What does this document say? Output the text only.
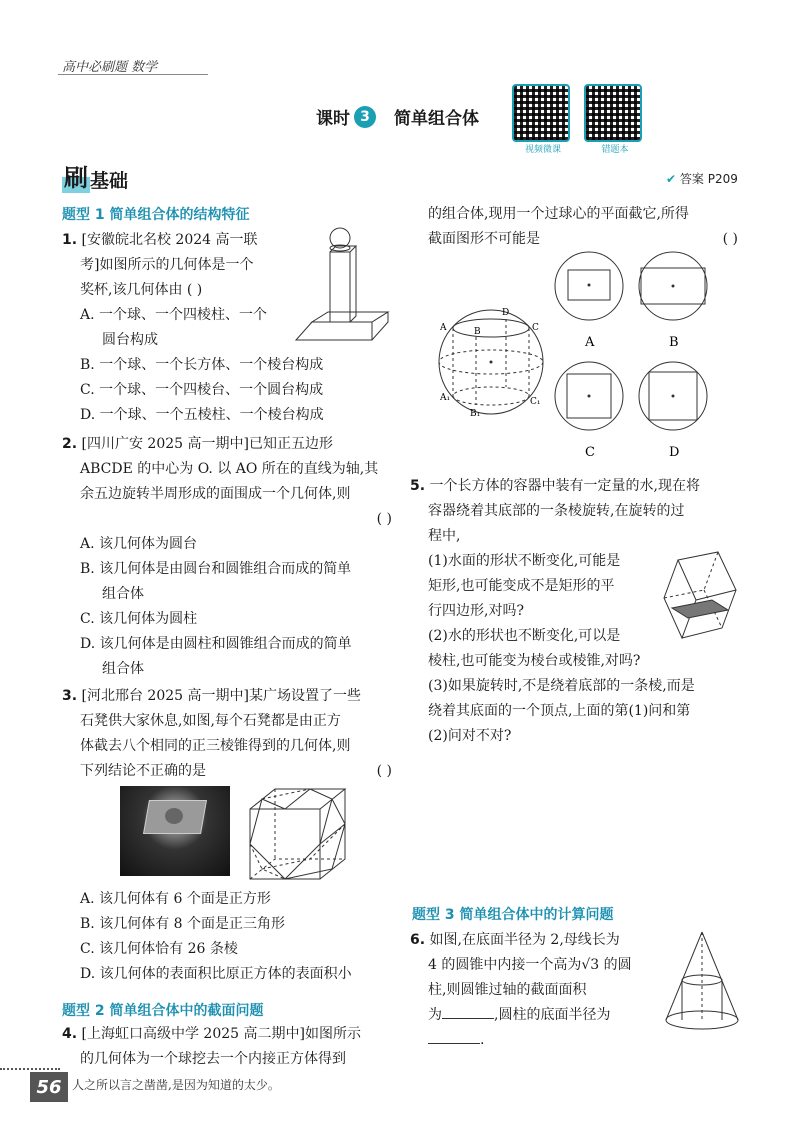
高中必刷题 数学
课时 3	简单组合体
视频微课	错题本
刷 基础	✔ 答案 P209
题型 1 简单组合体的结构特征
1. [安徽皖北名校 2024 高一联
考]如图所示的几何体是一个
奖杯,该几何体由 ( )
A. 一个球、一个四棱柱、一个
圆台构成
B. 一个球、一个长方体、一个棱台构成
C. 一个球、一个四棱台、一个圆台构成
D. 一个球、一个五棱柱、一个棱台构成
2. [四川广安 2025 高一期中]已知正五边形
ABCDE 的中心为 O. 以 AO 所在的直线为轴,其
余五边旋转半周形成的面围成一个几何体,则
( )
A. 该几何体为圆台
B. 该几何体是由圆台和圆锥组合而成的简单
组合体
C. 该几何体为圆柱
D. 该几何体是由圆柱和圆锥组合而成的简单
组合体
3. [河北邢台 2025 高一期中]某广场设置了一些
石凳供大家休息,如图,每个石凳都是由正方
体截去八个相同的正三棱锥得到的几何体,则
下列结论不正确的是	( )
A. 该几何体有 6 个面是正方形
B. 该几何体有 8 个面是正三角形
C. 该几何体恰有 26 条棱
D. 该几何体的表面积比原正方体的表面积小
题型 2 简单组合体中的截面问题
4. [上海虹口高级中学 2025 高二期中]如图所示
的几何体为一个球挖去一个内接正方体得到
的组合体,现用一个过球心的平面截它,所得
截面图形不可能是	( )
A	B	C
D
A₁
B₁
C₁
A	B
C	D
5. 一个长方体的容器中装有一定量的水,现在将
容器绕着其底部的一条棱旋转,在旋转的过
程中,
(1)水面的形状不断变化,可能是
矩形,也可能变成不是矩形的平
行四边形,对吗?
(2)水的形状也不断变化,可以是
棱柱,也可能变为棱台或棱锥,对吗?
(3)如果旋转时,不是绕着底部的一条棱,而是
绕着其底面的一个顶点,上面的第(1)问和第
(2)问对不对?
题型 3 简单组合体中的计算问题
6. 如图,在底面半径为 2,母线长为
4 的圆锥中内接一个高为√3 的圆
柱,则圆锥过轴的截面面积
为	,圆柱的底面半径为
.
56 人之所以言之凿凿,是因为知道的太少。
